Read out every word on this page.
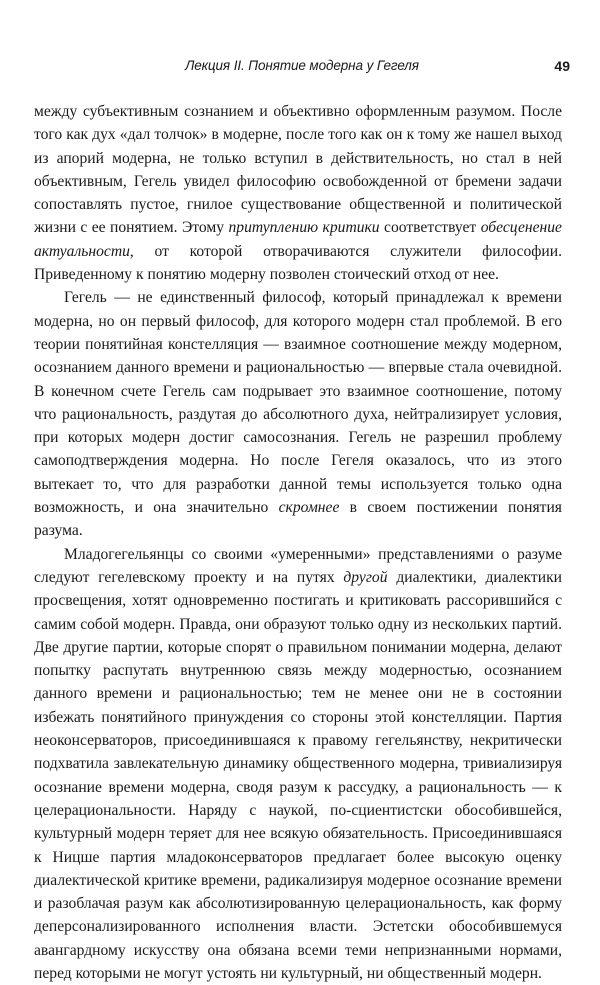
Лекция II. Понятие модерна у Гегеля	49

между субъективным сознанием и объективно оформленным разумом. После того как дух «дал толчок» в модерне, после того как он к тому же нашел выход из апорий модерна, не только вступил в действительность, но стал в ней объективным, Гегель увидел философию освобожденной от бремени задачи сопоставлять пустое, гнилое существование общественной и политической жизни с ее понятием. Этому притуплению критики соответствует обесценение актуальности, от которой отворачиваются служители философии. Приведенному к понятию модерну позволен стоический отход от нее.

Гегель — не единственный философ, который принадлежал к времени модерна, но он первый философ, для которого модерн стал проблемой. В его теории понятийная констелляция — взаимное соотношение между модерном, осознанием данного времени и рациональностью — впервые стала очевидной. В конечном счете Гегель сам подрывает это взаимное соотношение, потому что рациональность, раздутая до абсолютного духа, нейтрализирует условия, при которых модерн достиг самосознания. Гегель не разрешил проблему самоподтверждения модерна. Но после Гегеля оказалось, что из этого вытекает то, что для разработки данной темы используется только одна возможность, и она значительно скромнее в своем постижении понятия разума.

Младогегельянцы со своими «умеренными» представлениями о разуме следуют гегелевскому проекту и на путях другой диалектики, диалектики просвещения, хотят одновременно постигать и критиковать рассорившийся с самим собой модерн. Правда, они образуют только одну из нескольких партий. Две другие партии, которые спорят о правильном понимании модерна, делают попытку распутать внутреннюю связь между модерностью, осознанием данного времени и рациональностью; тем не менее они не в состоянии избежать понятийного принуждения со стороны этой констелляции. Партия неоконсерваторов, присоединившаяся к правому гегельянству, некритически подхватила завлекательную динамику общественного модерна, тривиализируя осознание времени модерна, сводя разум к рассудку, а рациональность — к целерациональности. Наряду с наукой, по-сциентистски обособившейся, культурный модерн теряет для нее всякую обязательность. Присоединившаяся к Ницше партия младоконсерваторов предлагает более высокую оценку диалектической критике времени, радикализируя модерное осознание времени и разоблачая разум как абсолютизированную целерациональность, как форму деперсонализированного исполнения власти. Эстетски обособившемуся авангардному искусству она обязана всеми теми непризнанными нормами, перед которыми не могут устоять ни культурный, ни общественный модерн.
